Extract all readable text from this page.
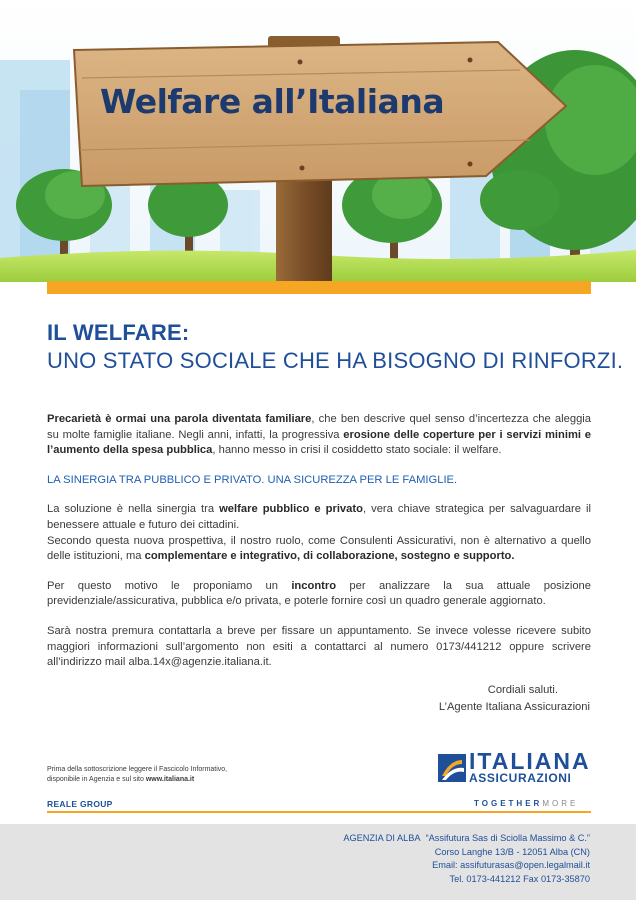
Welfare all’Italiana
IL WELFARE:
UNO STATO SOCIALE CHE HA BISOGNO DI RINFORZI.

Precarietà è ormai una parola diventata familiare, che ben descrive quel senso d’incertezza che aleggia su molte famiglie italiane. Negli anni, infatti, la progressiva erosione delle coperture per i servizi minimi e l’aumento della spesa pubblica, hanno messo in crisi il cosiddetto stato sociale: il welfare.

LA SINERGIA TRA PUBBLICO E PRIVATO. UNA SICUREZZA PER LE FAMIGLIE.

La soluzione è nella sinergia tra welfare pubblico e privato, vera chiave strategica per salvaguardare il benessere attuale e futuro dei cittadini.
Secondo questa nuova prospettiva, il nostro ruolo, come Consulenti Assicurativi, non è alternativo a quello delle istituzioni, ma complementare e integrativo, di collaborazione, sostegno e supporto.

Per questo motivo le proponiamo un incontro per analizzare la sua attuale posizione previdenziale/assicurativa, pubblica e/o privata, e poterle fornire così un quadro generale aggiornato.

Sarà nostra premura contattarla a breve per fissare un appuntamento. Se invece volesse ricevere subito maggiori informazioni sull’argomento non esiti a contattarci al numero 0173/441212 oppure scrivere all’indirizzo mail alba.14x@agenzie.italiana.it.

Cordiali saluti.
L’Agente Italiana Assicurazioni
Prima della sottoscrizione leggere il Fascicolo Informativo,
disponibile in Agenzia e sul sito www.italiana.it
REALE GROUP
ITALIANA
ASSICURAZIONI
TOGETHERMORE
AGENZIA DI ALBA “Assifutura Sas di Sciolla Massimo & C.”
Corso Langhe 13/B - 12051 Alba (CN)
Email: assifuturasas@open.legalmail.it
Tel. 0173-441212 Fax 0173-35870
